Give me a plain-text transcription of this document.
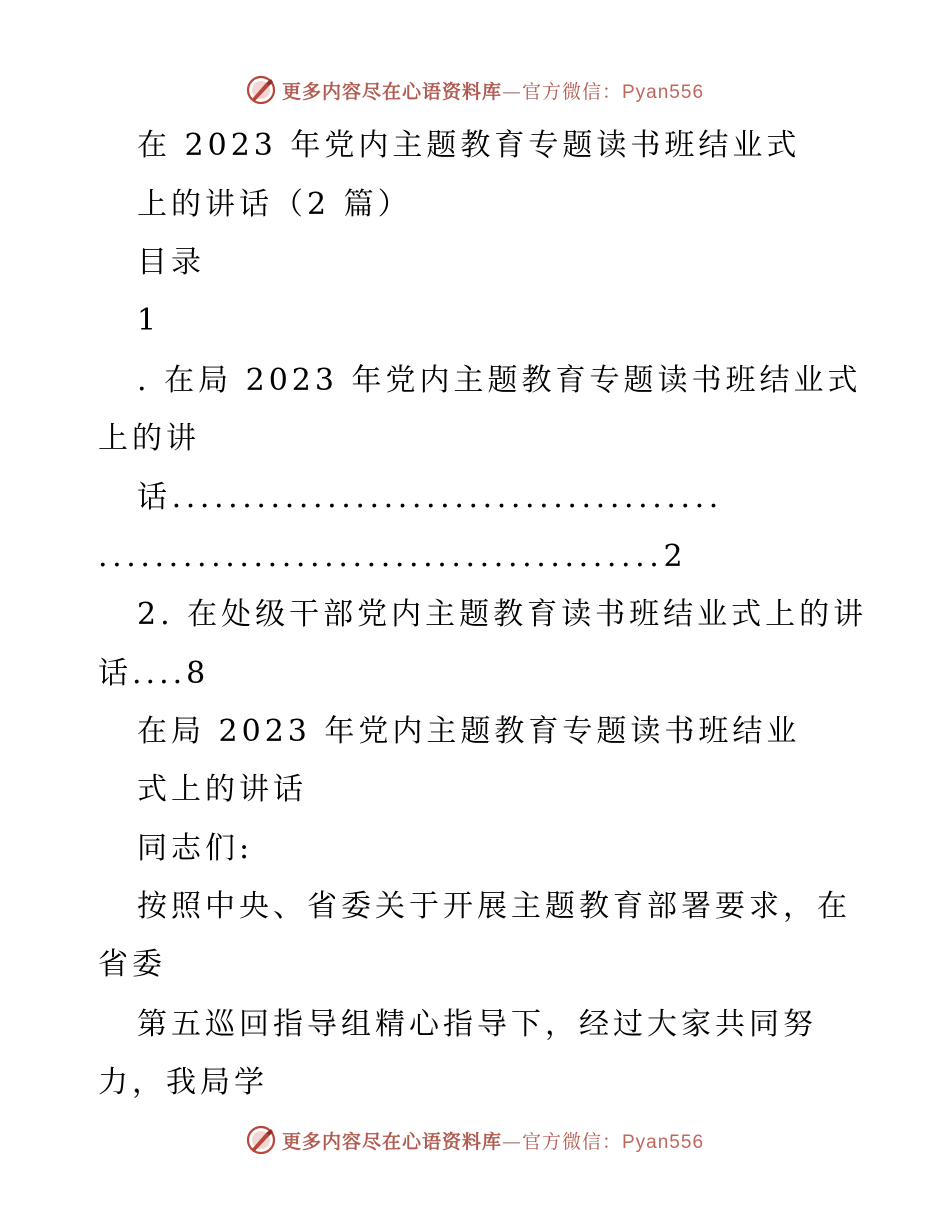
更多内容尽在心语资料库—官方微信：Pyan556
在 2023 年党内主题教育专题读书班结业式
上的讲话（2 篇）
目录
1
. 在局 2023 年党内主题教育专题读书班结业式
上的讲
话.......................................
........................................2
2. 在处级干部党内主题教育读书班结业式上的讲
话....8
在局 2023 年党内主题教育专题读书班结业
式上的讲话
同志们:
按照中央、省委关于开展主题教育部署要求，在
省委
第五巡回指导组精心指导下，经过大家共同努
力，我局学
更多内容尽在心语资料库—官方微信：Pyan556
